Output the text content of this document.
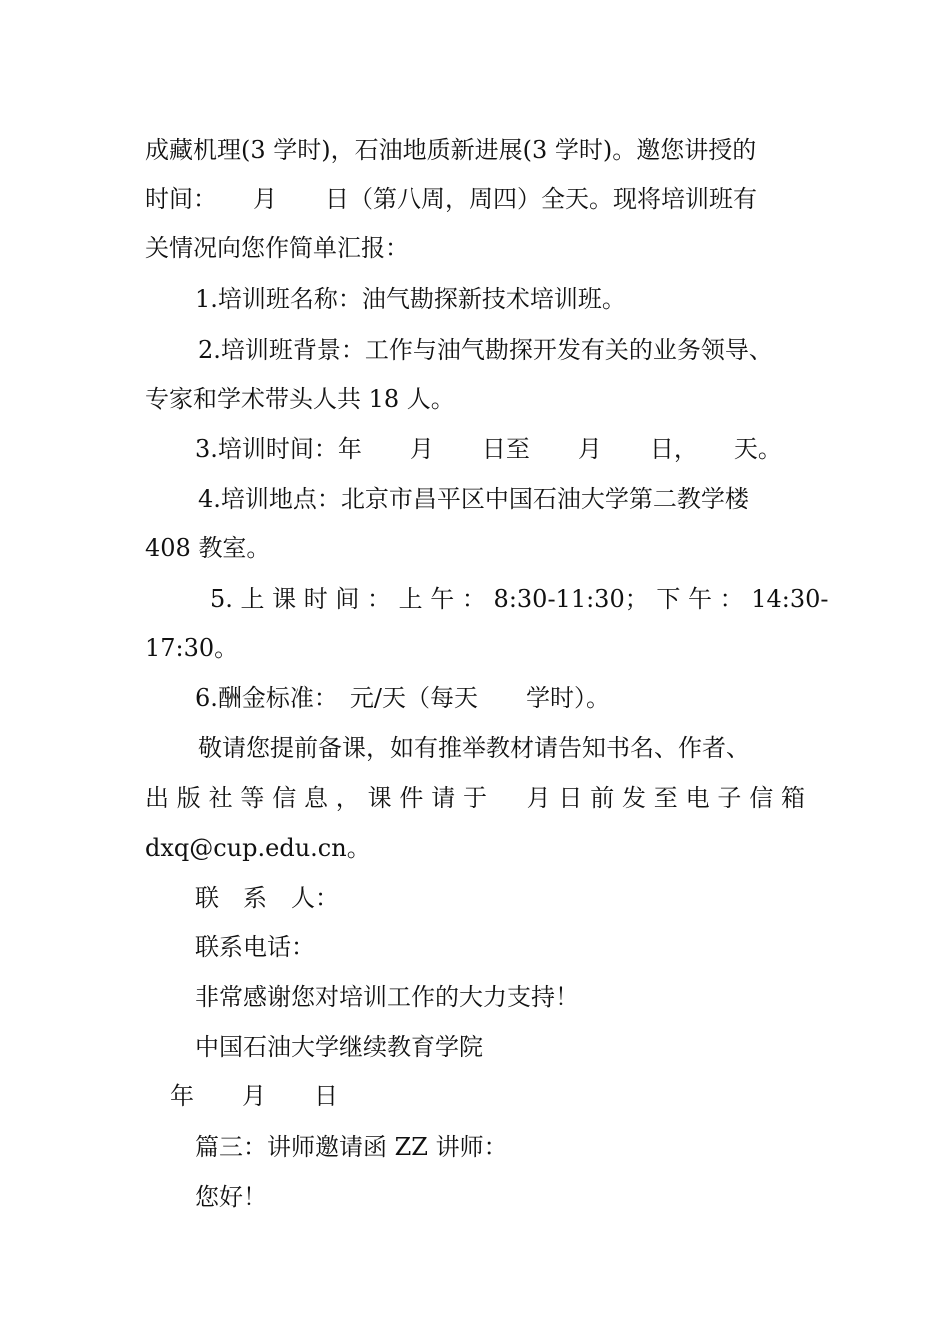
成藏机理(3 学时)，石油地质新进展(3 学时)。邀您讲授的
时间：　　月　　日（第八周，周四）全天。现将培训班有
关情况向您作简单汇报：
1.培训班名称：油气勘探新技术培训班。
2.培训班背景：工作与油气勘探开发有关的业务领导、
专家和学术带头人共 18 人。
3.培训时间：年　　月　　日至　　月　　日，　　天。
4.培训地点：北京市昌平区中国石油大学第二教学楼
408 教室。
5. 上 课 时 间 ： 上 午 ： 8:30-11:30； 下 午 ： 14:30-
17:30。
6.酬金标准：　元/天（每天　　学时）。
敬请您提前备课，如有推举教材请告知书名、作者、
出 版 社 等 信 息 ， 课 件 请 于 　 月 日 前 发 至 电 子 信 箱
dxq@cup.edu.cn。
联　系　人：
联系电话：
非常感谢您对培训工作的大力支持！
中国石油大学继续教育学院
年　　月　　日
篇三：讲师邀请函 ZZ 讲师：
您好！
